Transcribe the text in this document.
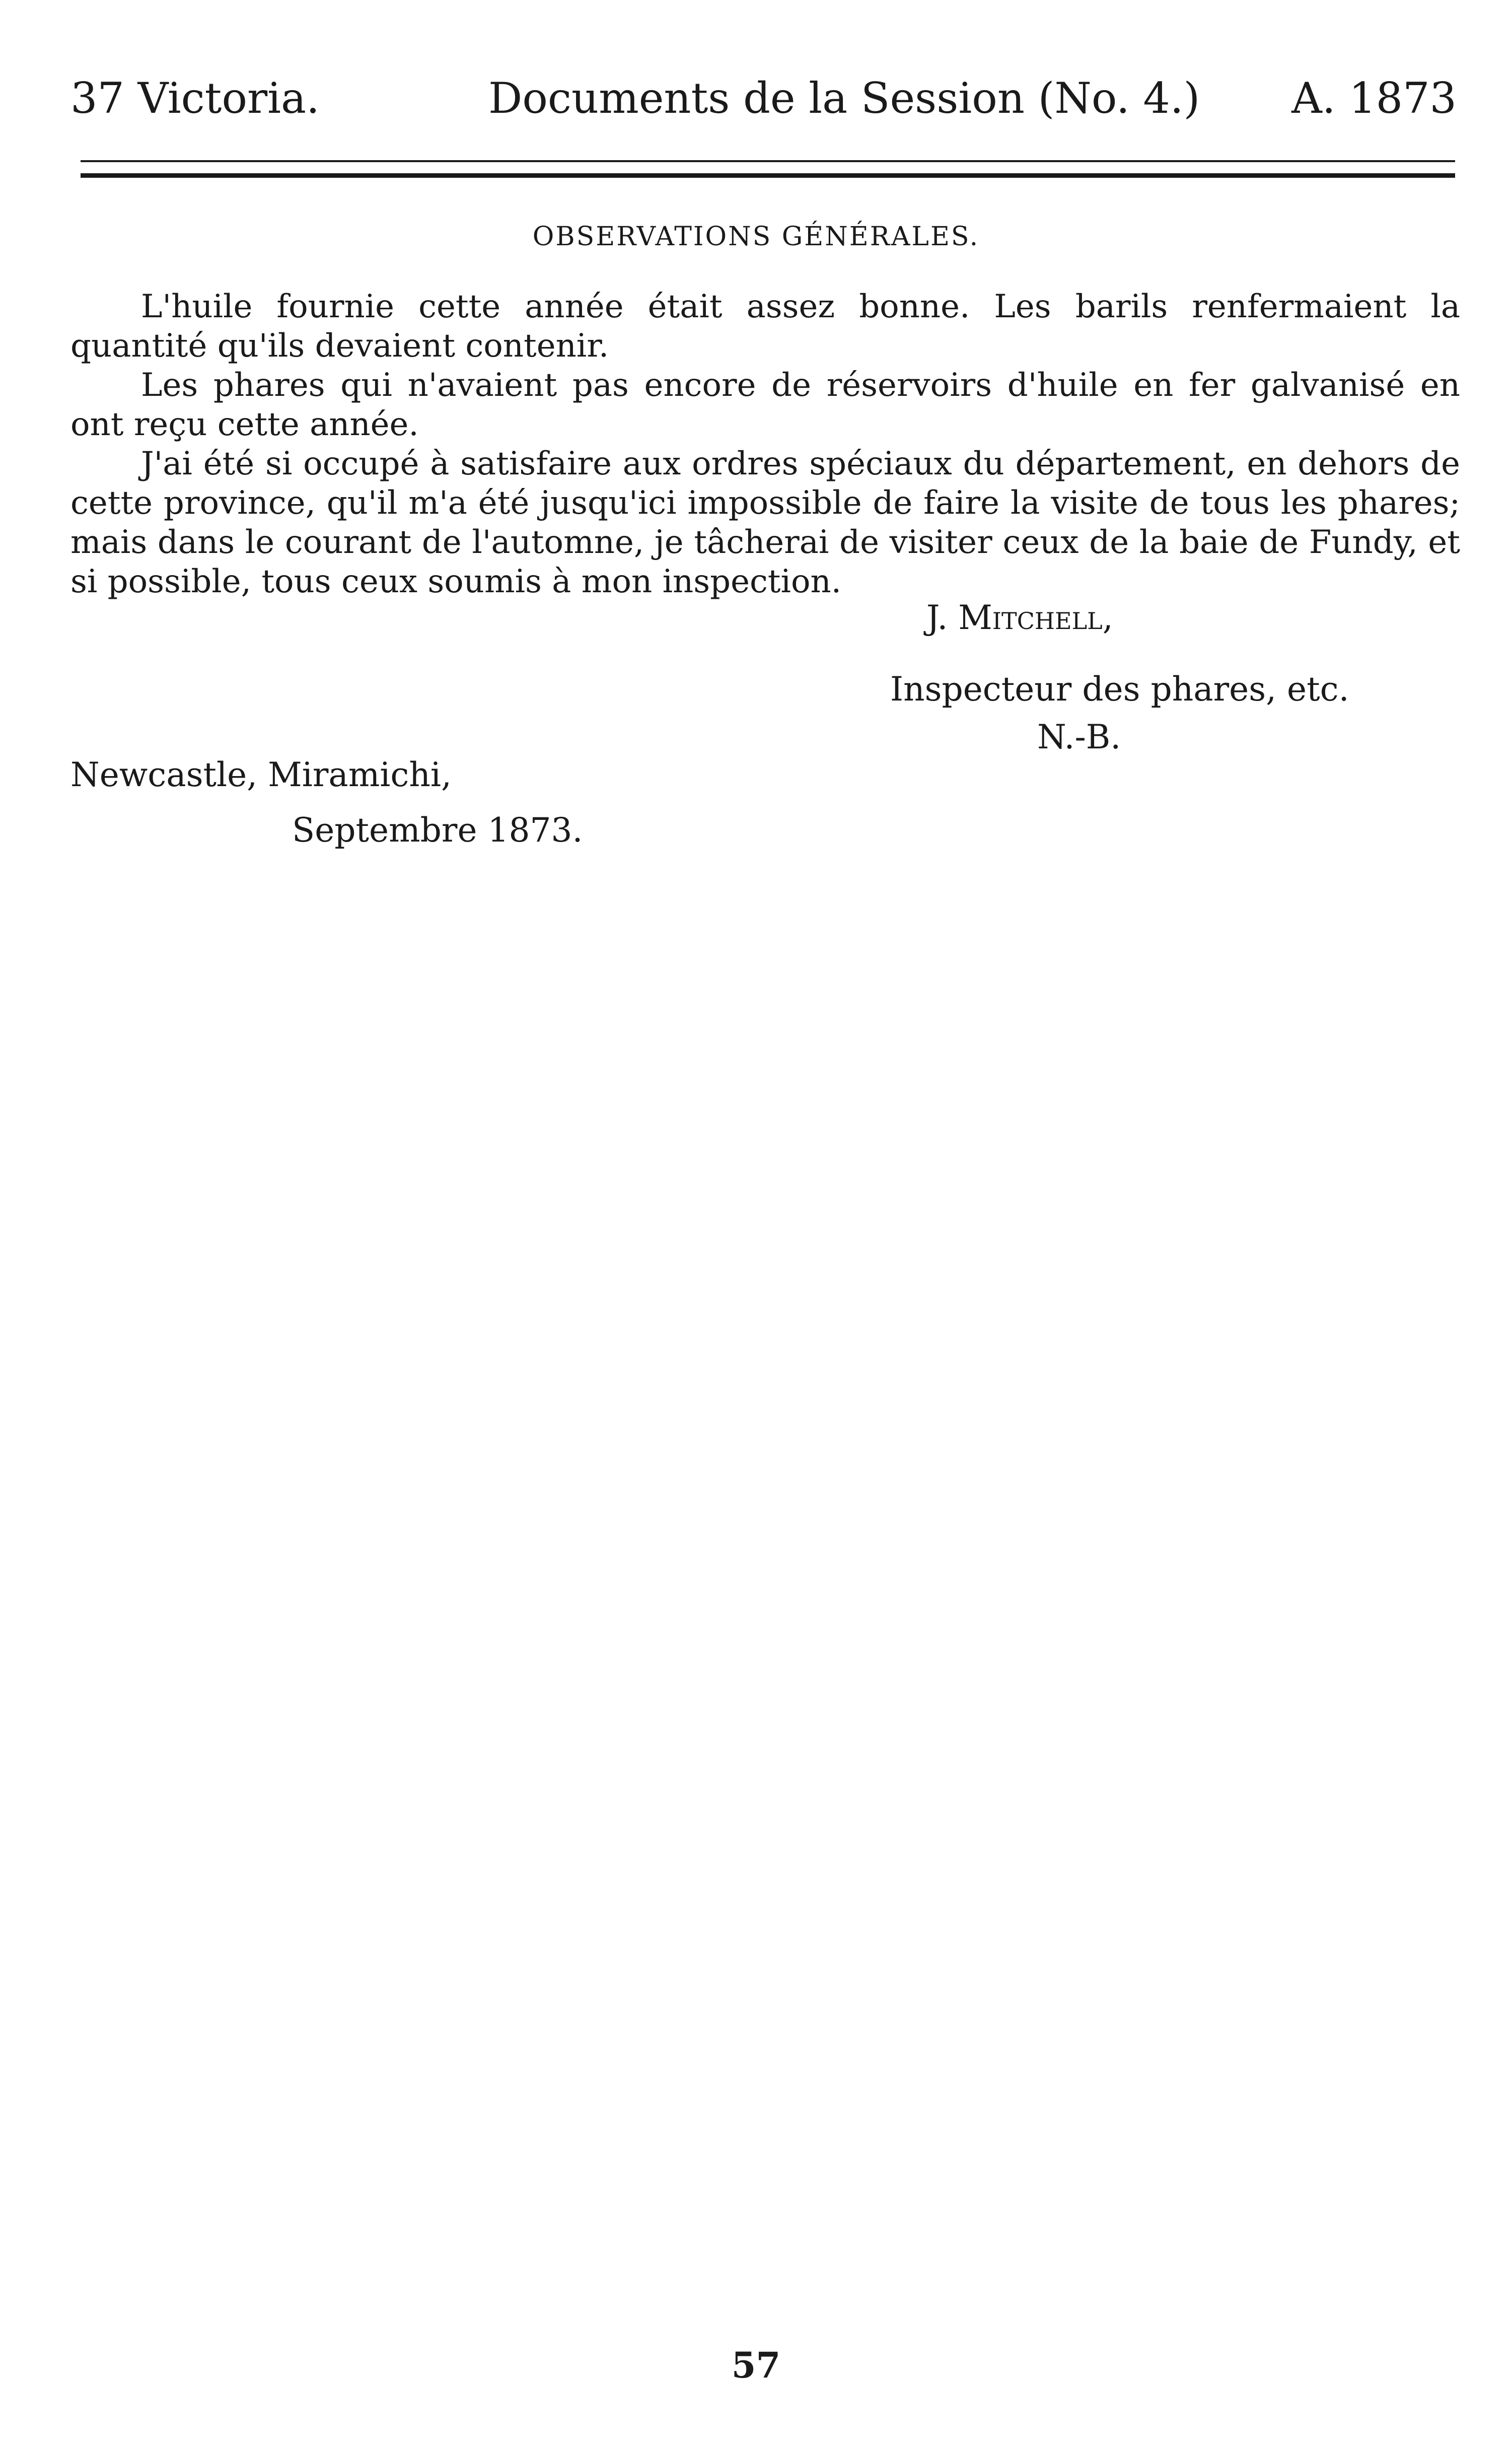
37 Victoria.	Documents de la Session (No. 4.) A. 1873
OBSERVATIONS GÉNÉRALES.

L'huile fournie cette année était assez bonne. Les barils renfermaient la quantité qu'ils devaient contenir.

Les phares qui n'avaient pas encore de réservoirs d'huile en fer galvanisé en ont reçu cette année.

J'ai été si occupé à satisfaire aux ordres spéciaux du département, en dehors de cette province, qu'il m'a été jusqu'ici impossible de faire la visite de tous les phares; mais dans le courant de l'automne, je tâcherai de visiter ceux de la baie de Fundy, et si possible, tous ceux soumis à mon inspection.

J. Mitchell,
Inspecteur des phares, etc.
N.-B.
Newcastle, Miramichi,
Septembre 1873.
57
